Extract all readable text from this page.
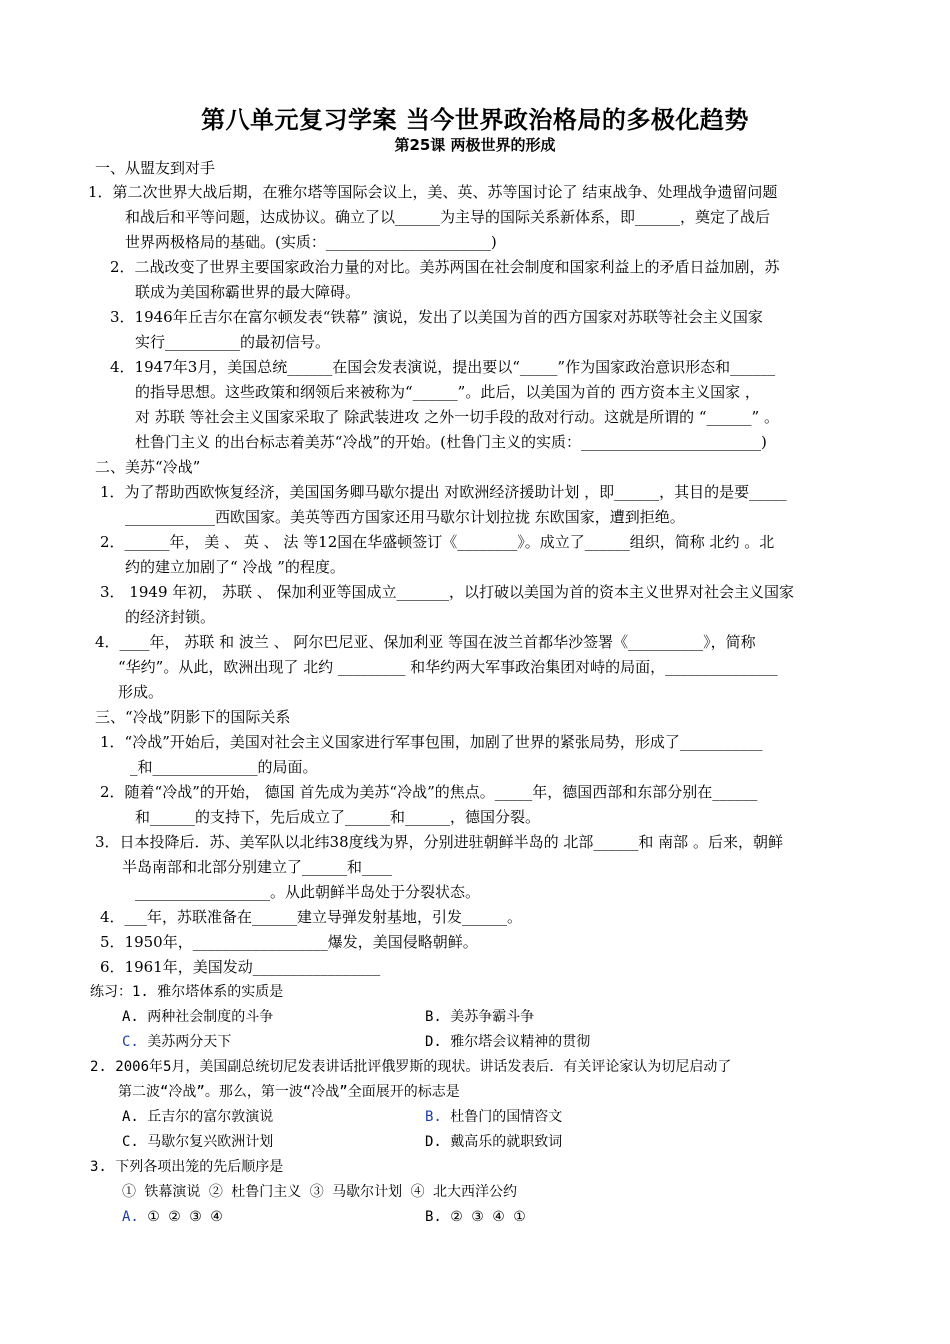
第八单元复习学案 当今世界政治格局的多极化趋势
第25课 两极世界的形成
一、从盟友到对手
1．第二次世界大战后期，在雅尔塔等国际会议上，美、英、苏等国讨论了 结束战争、处理战争遗留问题
和战后和平等问题，达成协议。确立了以______为主导的国际关系新体系，即______，奠定了战后
世界两极格局的基础。(实质：______________________)
2．二战改变了世界主要国家政治力量的对比。美苏两国在社会制度和国家利益上的矛盾日益加剧，苏
联成为美国称霸世界的最大障碍。
3．1946年丘吉尔在富尔顿发表“铁幕” 演说，发出了以美国为首的西方国家对苏联等社会主义国家
实行__________的最初信号。
4．1947年3月，美国总统______在国会发表演说，提出要以“_____”作为国家政治意识形态和______
的指导思想。这些政策和纲领后来被称为“______”。此后，以美国为首的 西方资本主义国家 ，
对 苏联 等社会主义国家采取了 除武装进攻 之外一切手段的敌对行动。这就是所谓的 “______” 。
杜鲁门主义 的出台标志着美苏“冷战”的开始。(杜鲁门主义的实质：________________________)
二、美苏“冷战”
1．为了帮助西欧恢复经济，美国国务卿马歇尔提出 对欧洲经济援助计划 ，即______，其目的是要_____
____________西欧国家。美英等西方国家还用马歇尔计划拉拢 东欧国家，遭到拒绝。
2．______年， 美 、 英 、 法 等12国在华盛顿签订《________》。成立了______组织，简称 北约 。北
约的建立加剧了“ 冷战 ”的程度。
3． 1949 年初， 苏联 、 保加利亚等国成立_______，以打破以美国为首的资本主义世界对社会主义国家
的经济封锁。
4．____年， 苏联 和 波兰 、 阿尔巴尼亚、保加利亚 等国在波兰首都华沙签署《__________》，简称
“华约”。从此，欧洲出现了 北约 _________ 和华约两大军事政治集团对峙的局面，_______________
形成。
三、“冷战”阴影下的国际关系
1．“冷战”开始后，美国对社会主义国家进行军事包围，加剧了世界的紧张局势，形成了___________
_和______________的局面。
2．随着“冷战”的开始， 德国 首先成为美苏“冷战”的焦点。_____年，德国西部和东部分别在______
和______的支持下，先后成立了______和______，德国分裂。
3．日本投降后．苏、美军队以北纬38度线为界，分别进驻朝鲜半岛的 北部______和 南部 。后来，朝鲜
半岛南部和北部分别建立了______和____
__________________。从此朝鲜半岛处于分裂状态。
4．___年，苏联准备在______建立导弹发射基地，引发______。
5．1950年，__________________爆发，美国侵略朝鲜。
6．1961年，美国发动_________________
练习：1. 雅尔塔体系的实质是
A. 两种社会制度的斗争	B. 美苏争霸斗争
C. 美苏两分天下	D. 雅尔塔会议精神的贯彻
2. 2006年5月，美国副总统切尼发表讲话批评俄罗斯的现状。讲话发表后．有关评论家认为切尼启动了
第二波“冷战”。那么，第一波“冷战”全面展开的标志是
A. 丘吉尔的富尔敦演说	B. 杜鲁门的国情咨文
C. 马歇尔复兴欧洲计划	D. 戴高乐的就职致词
3. 下列各项出笼的先后顺序是
① 铁幕演说 ② 杜鲁门主义 ③ 马歇尔计划 ④ 北大西洋公约
A. ① ② ③ ④	B. ② ③ ④ ①
